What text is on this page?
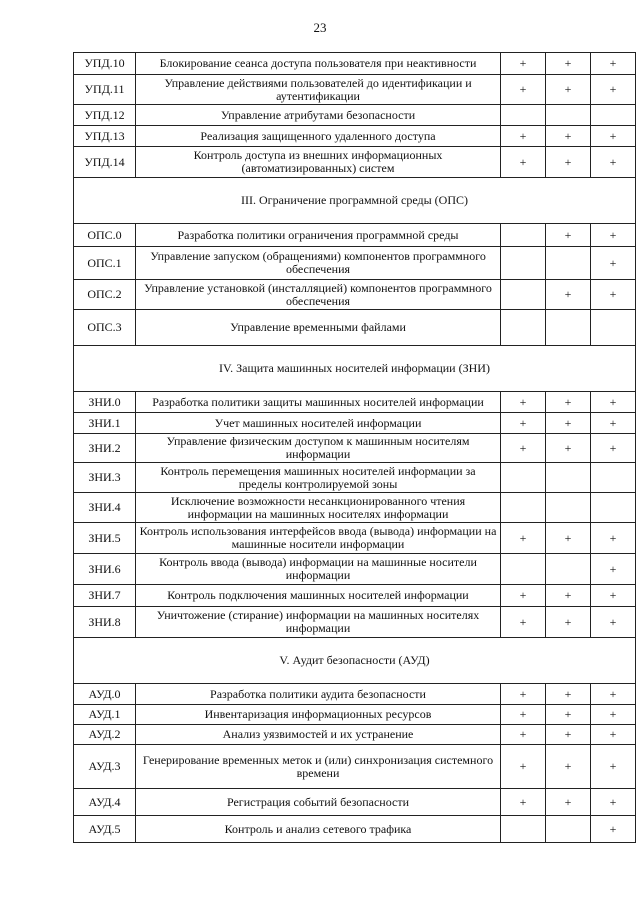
23
УПД.10	Блокирование сеанса доступа пользователя при неактивности	+	+	+
УПД.11	Управление действиями пользователей до идентификации и аутентификации	+	+	+
УПД.12	Управление атрибутами безопасности			
УПД.13	Реализация защищенного удаленного доступа	+	+	+
УПД.14	Контроль доступа из внешних информационных (автоматизированных) систем	+	+	+
III. Ограничение программной среды (ОПС)				
ОПС.0	Разработка политики ограничения программной среды		+	+
ОПС.1	Управление запуском (обращениями) компонентов программного обеспечения			+
ОПС.2	Управление установкой (инсталляцией) компонентов программного обеспечения		+	+
ОПС.3	Управление временными файлами			
IV. Защита машинных носителей информации (ЗНИ)				
ЗНИ.0	Разработка политики защиты машинных носителей информации	+	+	+
ЗНИ.1	Учет машинных носителей информации	+	+	+
ЗНИ.2	Управление физическим доступом к машинным носителям информации	+	+	+
ЗНИ.3	Контроль перемещения машинных носителей информации за пределы контролируемой зоны			
ЗНИ.4	Исключение возможности несанкционированного чтения информации на машинных носителях информации			
ЗНИ.5	Контроль использования интерфейсов ввода (вывода) информации на машинные носители информации	+	+	+
ЗНИ.6	Контроль ввода (вывода) информации на машинные носители информации			+
ЗНИ.7	Контроль подключения машинных носителей информации	+	+	+
ЗНИ.8	Уничтожение (стирание) информации на машинных носителях информации	+	+	+
V. Аудит безопасности (АУД)				
АУД.0	Разработка политики аудита безопасности	+	+	+
АУД.1	Инвентаризация информационных ресурсов	+	+	+
АУД.2	Анализ уязвимостей и их устранение	+	+	+
АУД.3	Генерирование временных меток и (или) синхронизация системного времени	+	+	+
АУД.4	Регистрация событий безопасности	+	+	+
АУД.5	Контроль и анализ сетевого трафика			+
